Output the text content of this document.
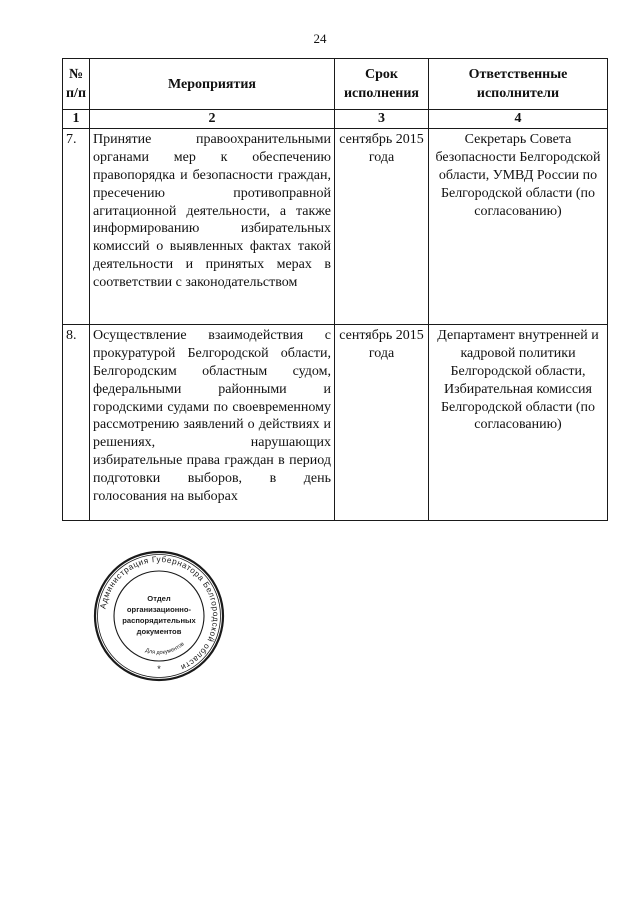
24
№ п/п	Мероприятия	Срок исполнения	Ответственные исполнители
1	2	3	4
7.	Принятие правоохранительными органами мер к обеспечению правопорядка и безопасности граждан, пресечению противоправной агитационной деятельности, а также информированию избирательных комиссий о выявленных фактах такой деятельности и принятых мерах в соответствии с законодательством	сентябрь 2015 года	Секретарь Совета безопасности Белгородской области, УМВД России по Белгородской области (по согласованию)
8.	Осуществление взаимодействия с прокуратурой Белгородской области, Белгородским областным судом, федеральными районными и городскими судами по своевременному рассмотрению заявлений о действиях и решениях, нарушающих избирательные права граждан в период подготовки выборов, в день голосования на выборах	сентябрь 2015 года	Департамент внутренней и кадровой политики Белгородской области, Избирательная комиссия Белгородской области (по согласованию)
Администрация Губернатора Белгородской области
Для документов
Отдел
организационно-
распорядительных
документов
*
